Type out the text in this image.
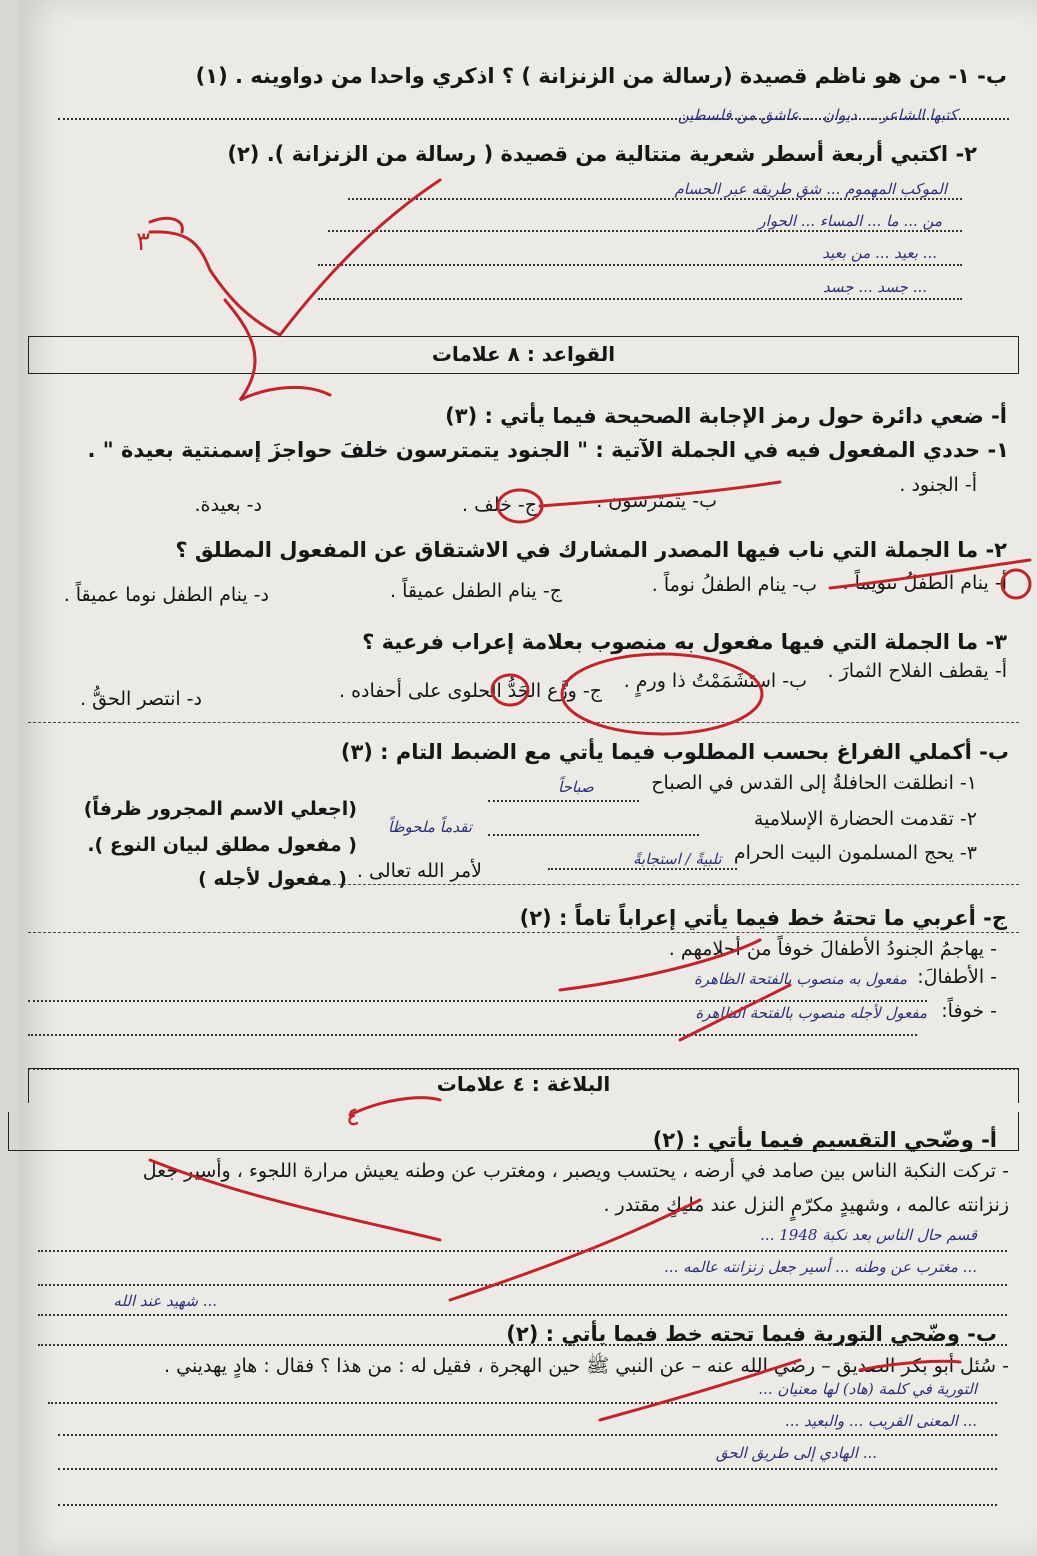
ب- ١- من هو ناظم قصيدة (رسالة من الزنزانة ) ؟ اذكري واحدا من دواوينه . (١)
كتبها الشاعر ... ديوان ... عاشق من فلسطين
٢- اكتبي أربعة أسطر شعرية متتالية من قصيدة ( رسالة من الزنزانة ). (٢)
الموكب المهموم ... شق طريقه عبر الحسام
من ... ما ... المساء ... الحوار
... بعيد ... من بعيد
... جسد ... جسد
القواعد : ٨ علامات
أ- ضعي دائرة حول رمز الإجابة الصحيحة فيما يأتي : (٣)
١- حددي المفعول فيه في الجملة الآتية : " الجنود يتمترسون خلفَ حواجزَ إسمنتية بعيدة " .
أ- الجنود .
ب- يتمترسون .
ج- خلف .
د- بعيدة.
٢- ما الجملة التي ناب فيها المصدر المشارك في الاشتقاق عن المفعول المطلق ؟
أ- ينام الطفلُ تنويماً .
ب- ينام الطفلُ نوماً .
ج- ينام الطفل عميقاً .
د- ينام الطفل نوما عميقاً .
٣- ما الجملة التي فيها مفعول به منصوب بعلامة إعراب فرعية ؟
أ- يقطف الفلاح الثمارَ .
ب- استَشَمَمْتُ ذا ورمٍ .
ج- وزَّع الجَدُّ الحلوى على أحفاده .
د- انتصر الحقُّ .
ب- أكملي الفراغ بحسب المطلوب فيما يأتي مع الضبط التام : (٣)
١- انطلقت الحافلةُ إلى القدس في الصباح
صباحاً
(اجعلي الاسم المجرور ظرفاً)	٢- تقدمت الحضارة الإسلامية
تقدماً ملحوظاً
( مفعول مطلق لبيان النوع ).	٣- يحج المسلمون البيت الحرام
تلبيةً / استجابةً
لأمر الله تعالى .
( مفعول لأجله )
ج- أعربي ما تحتهُ خط فيما يأتي إعراباً تاماً : (٢)
- يهاجمُ الجنودُ الأطفالَ خوفاً من أحلامهم .
- الأطفالَ:
مفعول به منصوب بالفتحة الظاهرة
- خوفاً:
مفعول لأجله منصوب بالفتحة الظاهرة
البلاغة : ٤ علامات
أ- وضّحي التقسيم فيما يأتي : (٢)
- تركت النكبة الناس بين صامد في أرضه ، يحتسب ويصبر ، ومغترب عن وطنه يعيش مرارة اللجوء ، وأسير جعل
زنزانته عالمه ، وشهيدٍ مكرّمٍ النزل عند مليكٍ مقتدر .
قسم حال الناس بعد نكبة 1948 ...
... مغترب عن وطنه ... أسير جعل زنزانته عالمه ...
... شهيد عند الله
ب- وضّحي التورية فيما تحته خط فيما يأتي : (٢)
- سُئل أبو بكر الصديق – رضي الله عنه – عن النبي ﷺ حين الهجرة ، فقيل له : من هذا ؟ فقال : هادٍ يهديني .
التورية في كلمة (هاد) لها معنيان ...
... المعنى القريب ... والبعيد ...
... الهادي إلى طريق الحق
٣
٤
